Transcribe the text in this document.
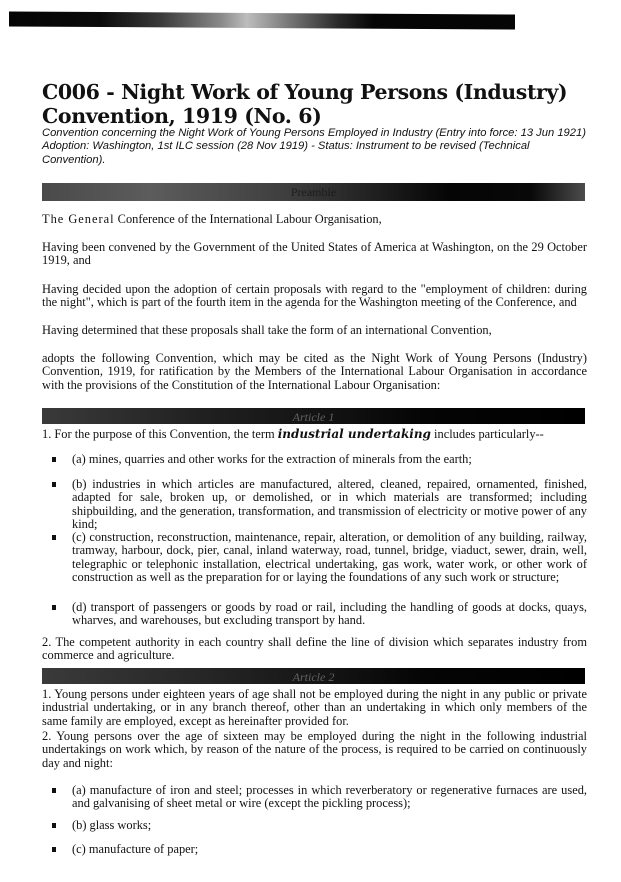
C006 - Night Work of Young Persons (Industry) Convention, 1919 (No. 6)
Convention concerning the Night Work of Young Persons Employed in Industry (Entry into force: 13 Jun 1921) Adoption: Washington, 1st ILC session (28 Nov 1919) - Status: Instrument to be revised (Technical Convention).
Preamble
The General Conference of the International Labour Organisation,
Having been convened by the Government of the United States of America at Washington, on the 29 October 1919, and
Having decided upon the adoption of certain proposals with regard to the "employment of children: during the night", which is part of the fourth item in the agenda for the Washington meeting of the Conference, and
Having determined that these proposals shall take the form of an international Convention,
adopts the following Convention, which may be cited as the Night Work of Young Persons (Industry) Convention, 1919, for ratification by the Members of the International Labour Organisation in accordance with the provisions of the Constitution of the International Labour Organisation:
Article 1
1. For the purpose of this Convention, the term industrial undertaking includes particularly--
(a) mines, quarries and other works for the extraction of minerals from the earth;
(b) industries in which articles are manufactured, altered, cleaned, repaired, ornamented, finished, adapted for sale, broken up, or demolished, or in which materials are transformed; including shipbuilding, and the generation, transformation, and transmission of electricity or motive power of any kind;
(c) construction, reconstruction, maintenance, repair, alteration, or demolition of any building, railway, tramway, harbour, dock, pier, canal, inland waterway, road, tunnel, bridge, viaduct, sewer, drain, well, telegraphic or telephonic installation, electrical undertaking, gas work, water work, or other work of construction as well as the preparation for or laying the foundations of any such work or structure;
(d) transport of passengers or goods by road or rail, including the handling of goods at docks, quays, wharves, and warehouses, but excluding transport by hand.
2. The competent authority in each country shall define the line of division which separates industry from commerce and agriculture.
Article 2
1. Young persons under eighteen years of age shall not be employed during the night in any public or private industrial undertaking, or in any branch thereof, other than an undertaking in which only members of the same family are employed, except as hereinafter provided for.
2. Young persons over the age of sixteen may be employed during the night in the following industrial undertakings on work which, by reason of the nature of the process, is required to be carried on continuously day and night:
(a) manufacture of iron and steel; processes in which reverberatory or regenerative furnaces are used, and galvanising of sheet metal or wire (except the pickling process);
(b) glass works;
(c) manufacture of paper;
